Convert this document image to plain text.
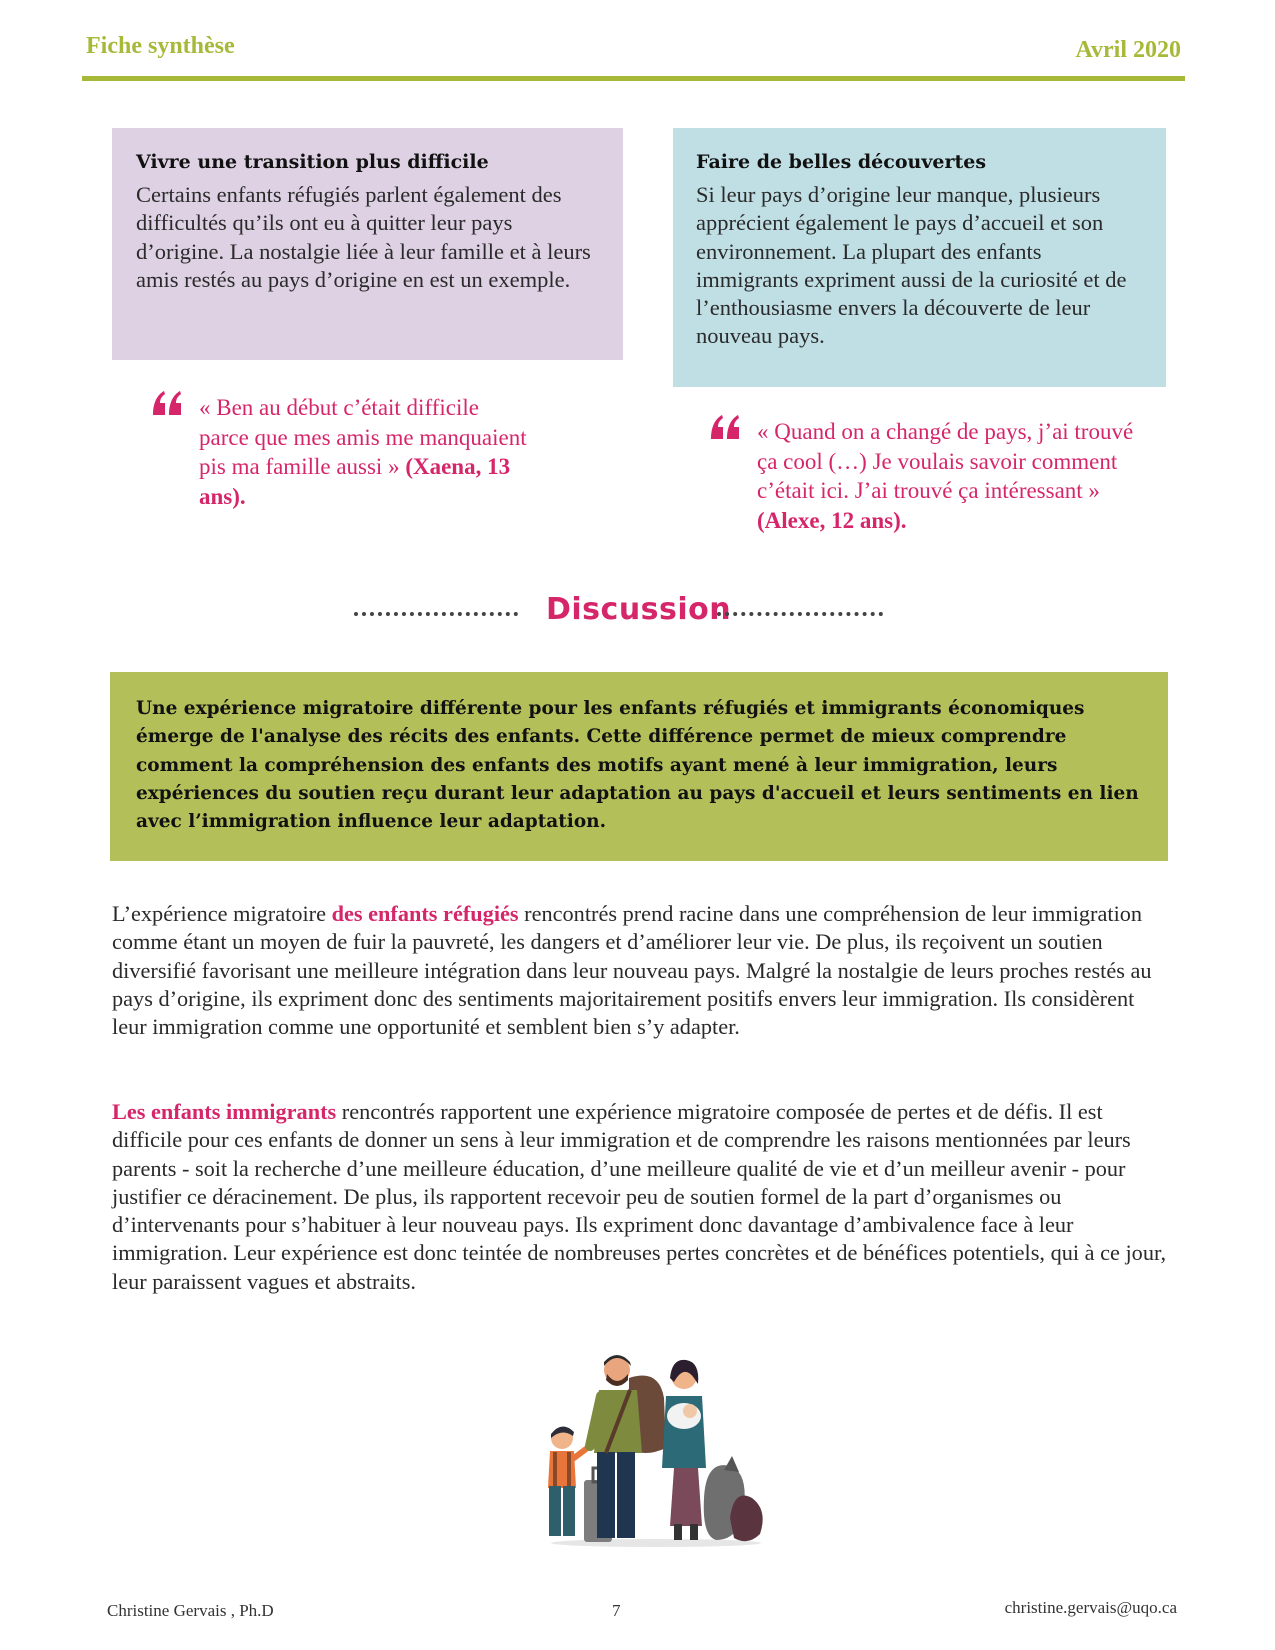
Fiche synthèse	Avril 2020
Vivre une transition plus difficile

Certains enfants réfugiés parlent également des difficultés qu’ils ont eu à quitter leur pays d’origine. La nostalgie liée à leur famille et à leurs amis restés au pays d’origine en est un exemple.

Faire de belles découvertes

Si leur pays d’origine leur manque, plusieurs apprécient également le pays d’accueil et son environnement. La plupart des enfants immigrants expriment aussi de la curiosité et de l’enthousiasme envers la découverte de leur nouveau pays.

« Ben au début c’était difficile parce que mes amis me manquaient pis ma famille aussi » (Xaena, 13 ans).
« Quand on a changé de pays, j’ai trouvé ça cool (…) Je voulais savoir comment c’était ici. J’ai trouvé ça intéressant » (Alexe, 12 ans).
Discussion

Une expérience migratoire différente pour les enfants réfugiés et immigrants économiques émerge de l'analyse des récits des enfants. Cette différence permet de mieux comprendre comment la compréhension des enfants des motifs ayant mené à leur immigration, leurs expériences du soutien reçu durant leur adaptation au pays d'accueil et leurs sentiments en lien avec l’immigration influence leur adaptation.

L’expérience migratoire des enfants réfugiés rencontrés prend racine dans une compréhension de leur immigration comme étant un moyen de fuir la pauvreté, les dangers et d’améliorer leur vie. De plus, ils reçoivent un soutien diversifié favorisant une meilleure intégration dans leur nouveau pays. Malgré la nostalgie de leurs proches restés au pays d’origine, ils expriment donc des sentiments majoritairement positifs envers leur immigration. Ils considèrent leur immigration comme une opportunité et semblent bien s’y adapter.

Les enfants immigrants rencontrés rapportent une expérience migratoire composée de pertes et de défis. Il est difficile pour ces enfants de donner un sens à leur immigration et de comprendre les raisons mentionnées par leurs parents - soit la recherche d’une meilleure éducation, d’une meilleure qualité de vie et d’un meilleur avenir - pour justifier ce déracinement. De plus, ils rapportent recevoir peu de soutien formel de la part d’organismes ou d’intervenants pour s’habituer à leur nouveau pays. Ils expriment donc davantage d’ambivalence face à leur immigration. Leur expérience est donc teintée de nombreuses pertes concrètes et de bénéfices potentiels, qui à ce jour, leur paraissent vagues et abstraits.

Christine Gervais , Ph.D	7	christine.gervais@uqo.ca
